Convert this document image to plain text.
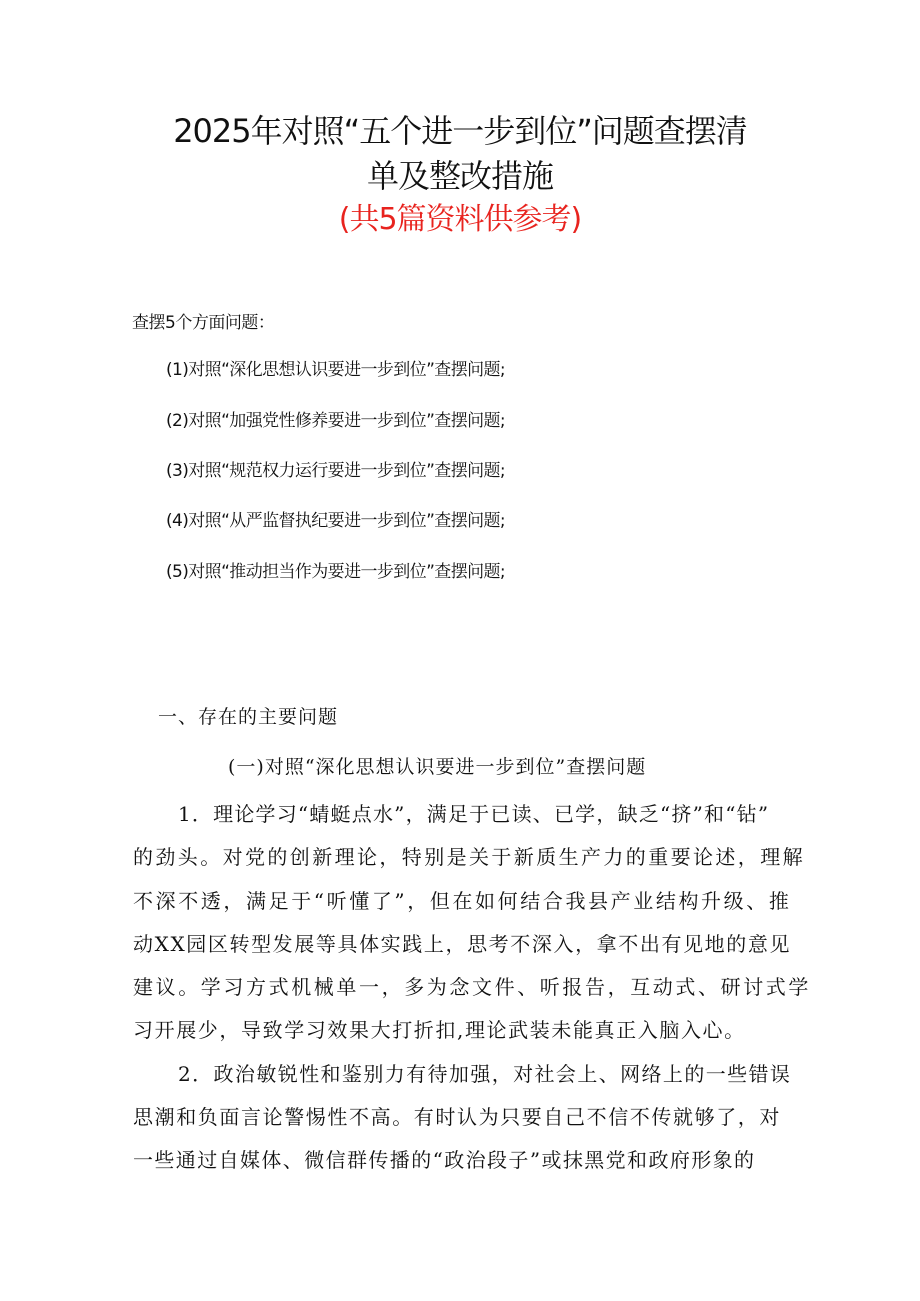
2025年对照“五个进一步到位”问题查摆清
单及整改措施
(共5篇资料供参考)
查摆5个方面问题：
(1)对照“深化思想认识要进一步到位”查摆问题;
(2)对照“加强党性修养要进一步到位”查摆问题;
(3)对照“规范权力运行要进一步到位”查摆问题;
(4)对照“从严监督执纪要进一步到位”查摆问题;
(5)对照“推动担当作为要进一步到位”查摆问题;
一、存在的主要问题
(一)对照“深化思想认识要进一步到位”查摆问题
1．理论学习“蜻蜓点水”，满足于已读、已学，缺乏“挤”和“钻”
的劲头。对党的创新理论，特别是关于新质生产力的重要论述，理解
不深不透，满足于“听懂了”，但在如何结合我县产业结构升级、推
动XX园区转型发展等具体实践上，思考不深入，拿不出有见地的意见
建议。学习方式机械单一，多为念文件、听报告，互动式、研讨式学
习开展少，导致学习效果大打折扣,理论武装未能真正入脑入心。
2．政治敏锐性和鉴别力有待加强，对社会上、网络上的一些错误
思潮和负面言论警惕性不高。有时认为只要自己不信不传就够了，对
一些通过自媒体、微信群传播的“政治段子”或抹黑党和政府形象的
